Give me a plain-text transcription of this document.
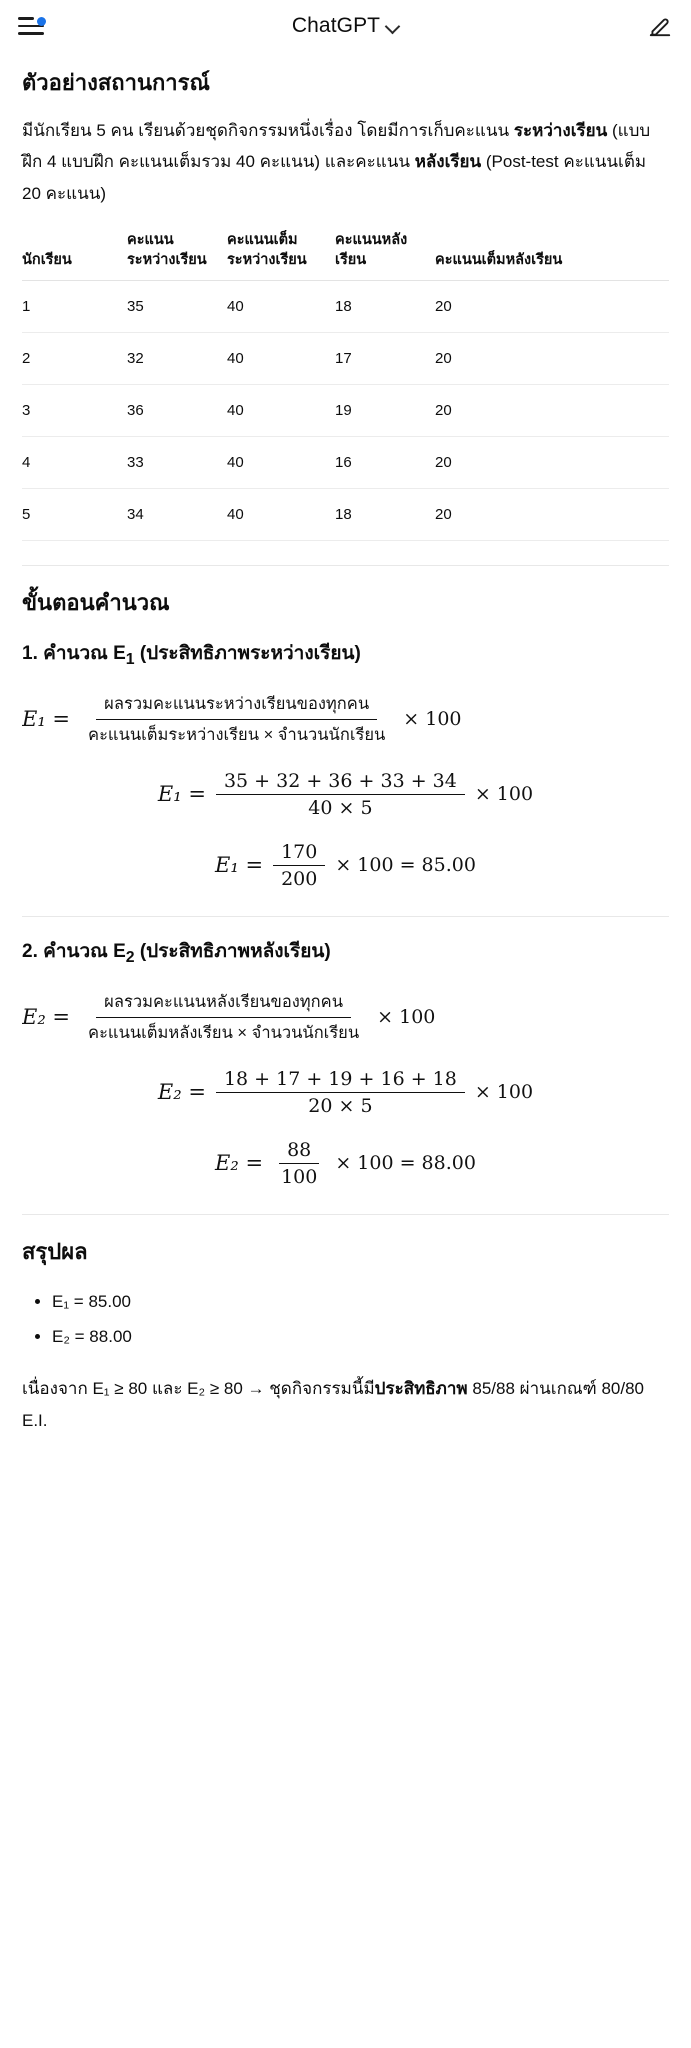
ChatGPT
ตัวอย่างสถานการณ์

มีนักเรียน 5 คน เรียนด้วยชุดกิจกรรมหนึ่งเรื่อง โดยมีการเก็บคะแนน ระหว่างเรียน (แบบฝึก 4 แบบฝึก คะแนนเต็มรวม 40 คะแนน) และคะแนน หลังเรียน (Post-test คะแนนเต็ม 20 คะแนน)

นักเรียน	คะแนนระหว่างเรียน	คะแนนเต็มระหว่างเรียน	คะแนนหลังเรียน	คะแนนเต็มหลังเรียน
1	35	40	18	20
2	32	40	17	20
3	36	40	19	20
4	33	40	16	20
5	34	40	18	20
ขั้นตอนคำนวณ
1. คำนวณ $E_1$ (ประสิทธิภาพระหว่างเรียน)
$E_1 = \frac{\text{ผลรวมคะแนนระหว่างเรียนของทุกคน}}{\text{คะแนนเต็มระหว่างเรียน × จำนวนนักเรียน}} \times 100$
$E_1 = \frac{35 + 32 + 36 + 33 + 34}{40 \times 5} \times 100$
$E_1 = \frac{170}{200} \times 100 = 85.00$
2. คำนวณ $E_2$ (ประสิทธิภาพหลังเรียน)
$E_2 = \frac{\text{ผลรวมคะแนนหลังเรียนของทุกคน}}{\text{คะแนนเต็มหลังเรียน × จำนวนนักเรียน}} \times 100$
$E_2 = \frac{18 + 17 + 19 + 16 + 18}{20 \times 5} \times 100$
$E_2 = \frac{88}{100} \times 100 = 88.00$
สรุปผล
• E₁ = 85.00
• E₂ = 88.00

เนื่องจาก E₁ ≥ 80 และ E₂ ≥ 80 → ชุดกิจกรรมนี้มีประสิทธิภาพ 85/88 ผ่านเกณฑ์ 80/80 E.I.
